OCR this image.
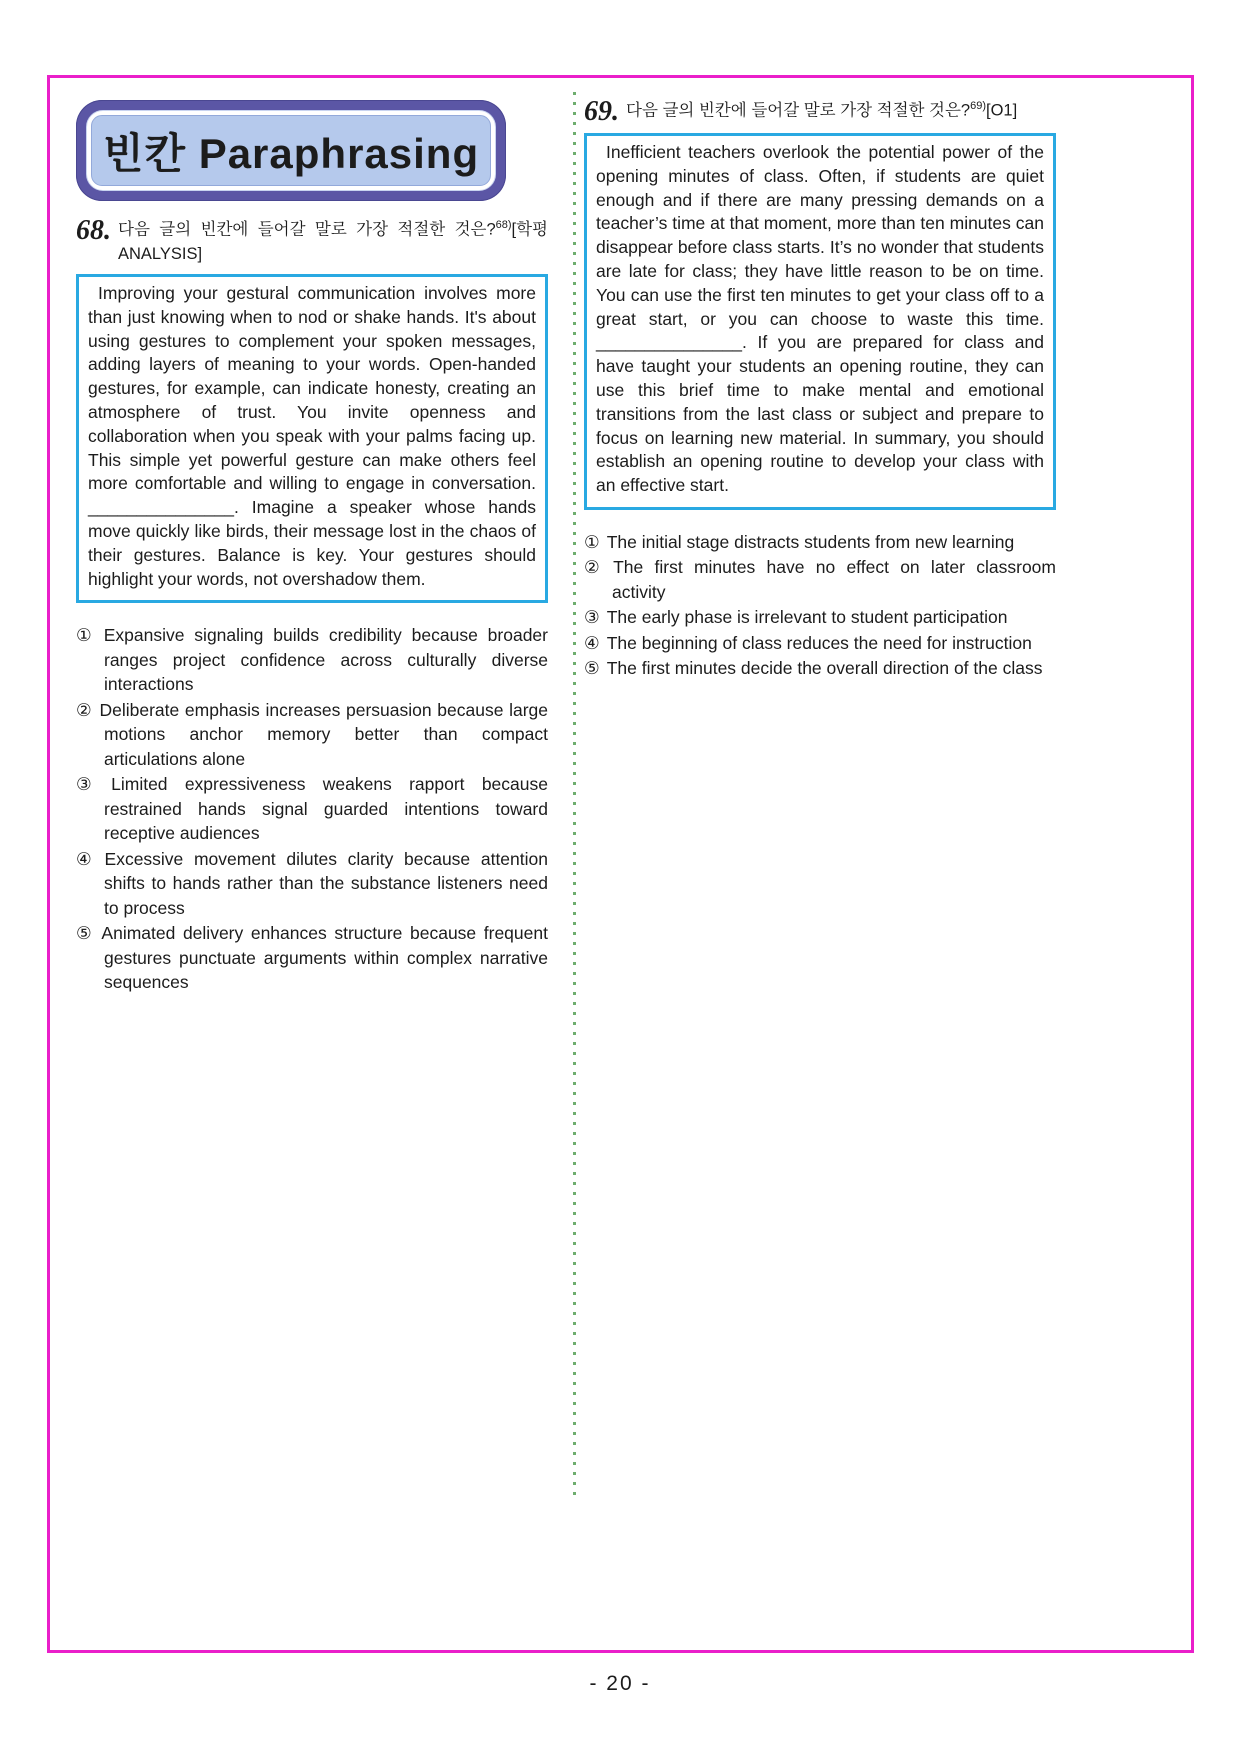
빈칸 Paraphrasing
68. 다음 글의 빈칸에 들어갈 말로 가장 적절한 것은?$^{68)}$[학평 ANALYSIS]
Improving your gestural communication involves more than just knowing when to nod or shake hands. It's about using gestures to complement your spoken messages, adding layers of meaning to your words. Open-handed gestures, for example, can indicate honesty, creating an atmosphere of trust. You invite openness and collaboration when you speak with your palms facing up. This simple yet powerful gesture can make others feel more comfortable and willing to engage in conversation. _______________. Imagine a speaker whose hands move quickly like birds, their message lost in the chaos of their gestures. Balance is key. Your gestures should highlight your words, not overshadow them.
① Expansive signaling builds credibility because broader ranges project confidence across culturally diverse interactions
② Deliberate emphasis increases persuasion because large motions anchor memory better than compact articulations alone
③ Limited expressiveness weakens rapport because restrained hands signal guarded intentions toward receptive audiences
④ Excessive movement dilutes clarity because attention shifts to hands rather than the substance listeners need to process
⑤ Animated delivery enhances structure because frequent gestures punctuate arguments within complex narrative sequences
69. 다음 글의 빈칸에 들어갈 말로 가장 적절한 것은?$^{69)}$[O1]
Inefficient teachers overlook the potential power of the opening minutes of class. Often, if students are quiet enough and if there are many pressing demands on a teacher’s time at that moment, more than ten minutes can disappear before class starts. It’s no wonder that students are late for class; they have little reason to be on time. You can use the first ten minutes to get your class off to a great start, or you can choose to waste this time. _______________. If you are prepared for class and have taught your students an opening routine, they can use this brief time to make mental and emotional transitions from the last class or subject and prepare to focus on learning new material. In summary, you should establish an opening routine to develop your class with an effective start.
① The initial stage distracts students from new learning
② The first minutes have no effect on later classroom activity
③ The early phase is irrelevant to student participation
④ The beginning of class reduces the need for instruction
⑤ The first minutes decide the overall direction of the class
- 20 -
